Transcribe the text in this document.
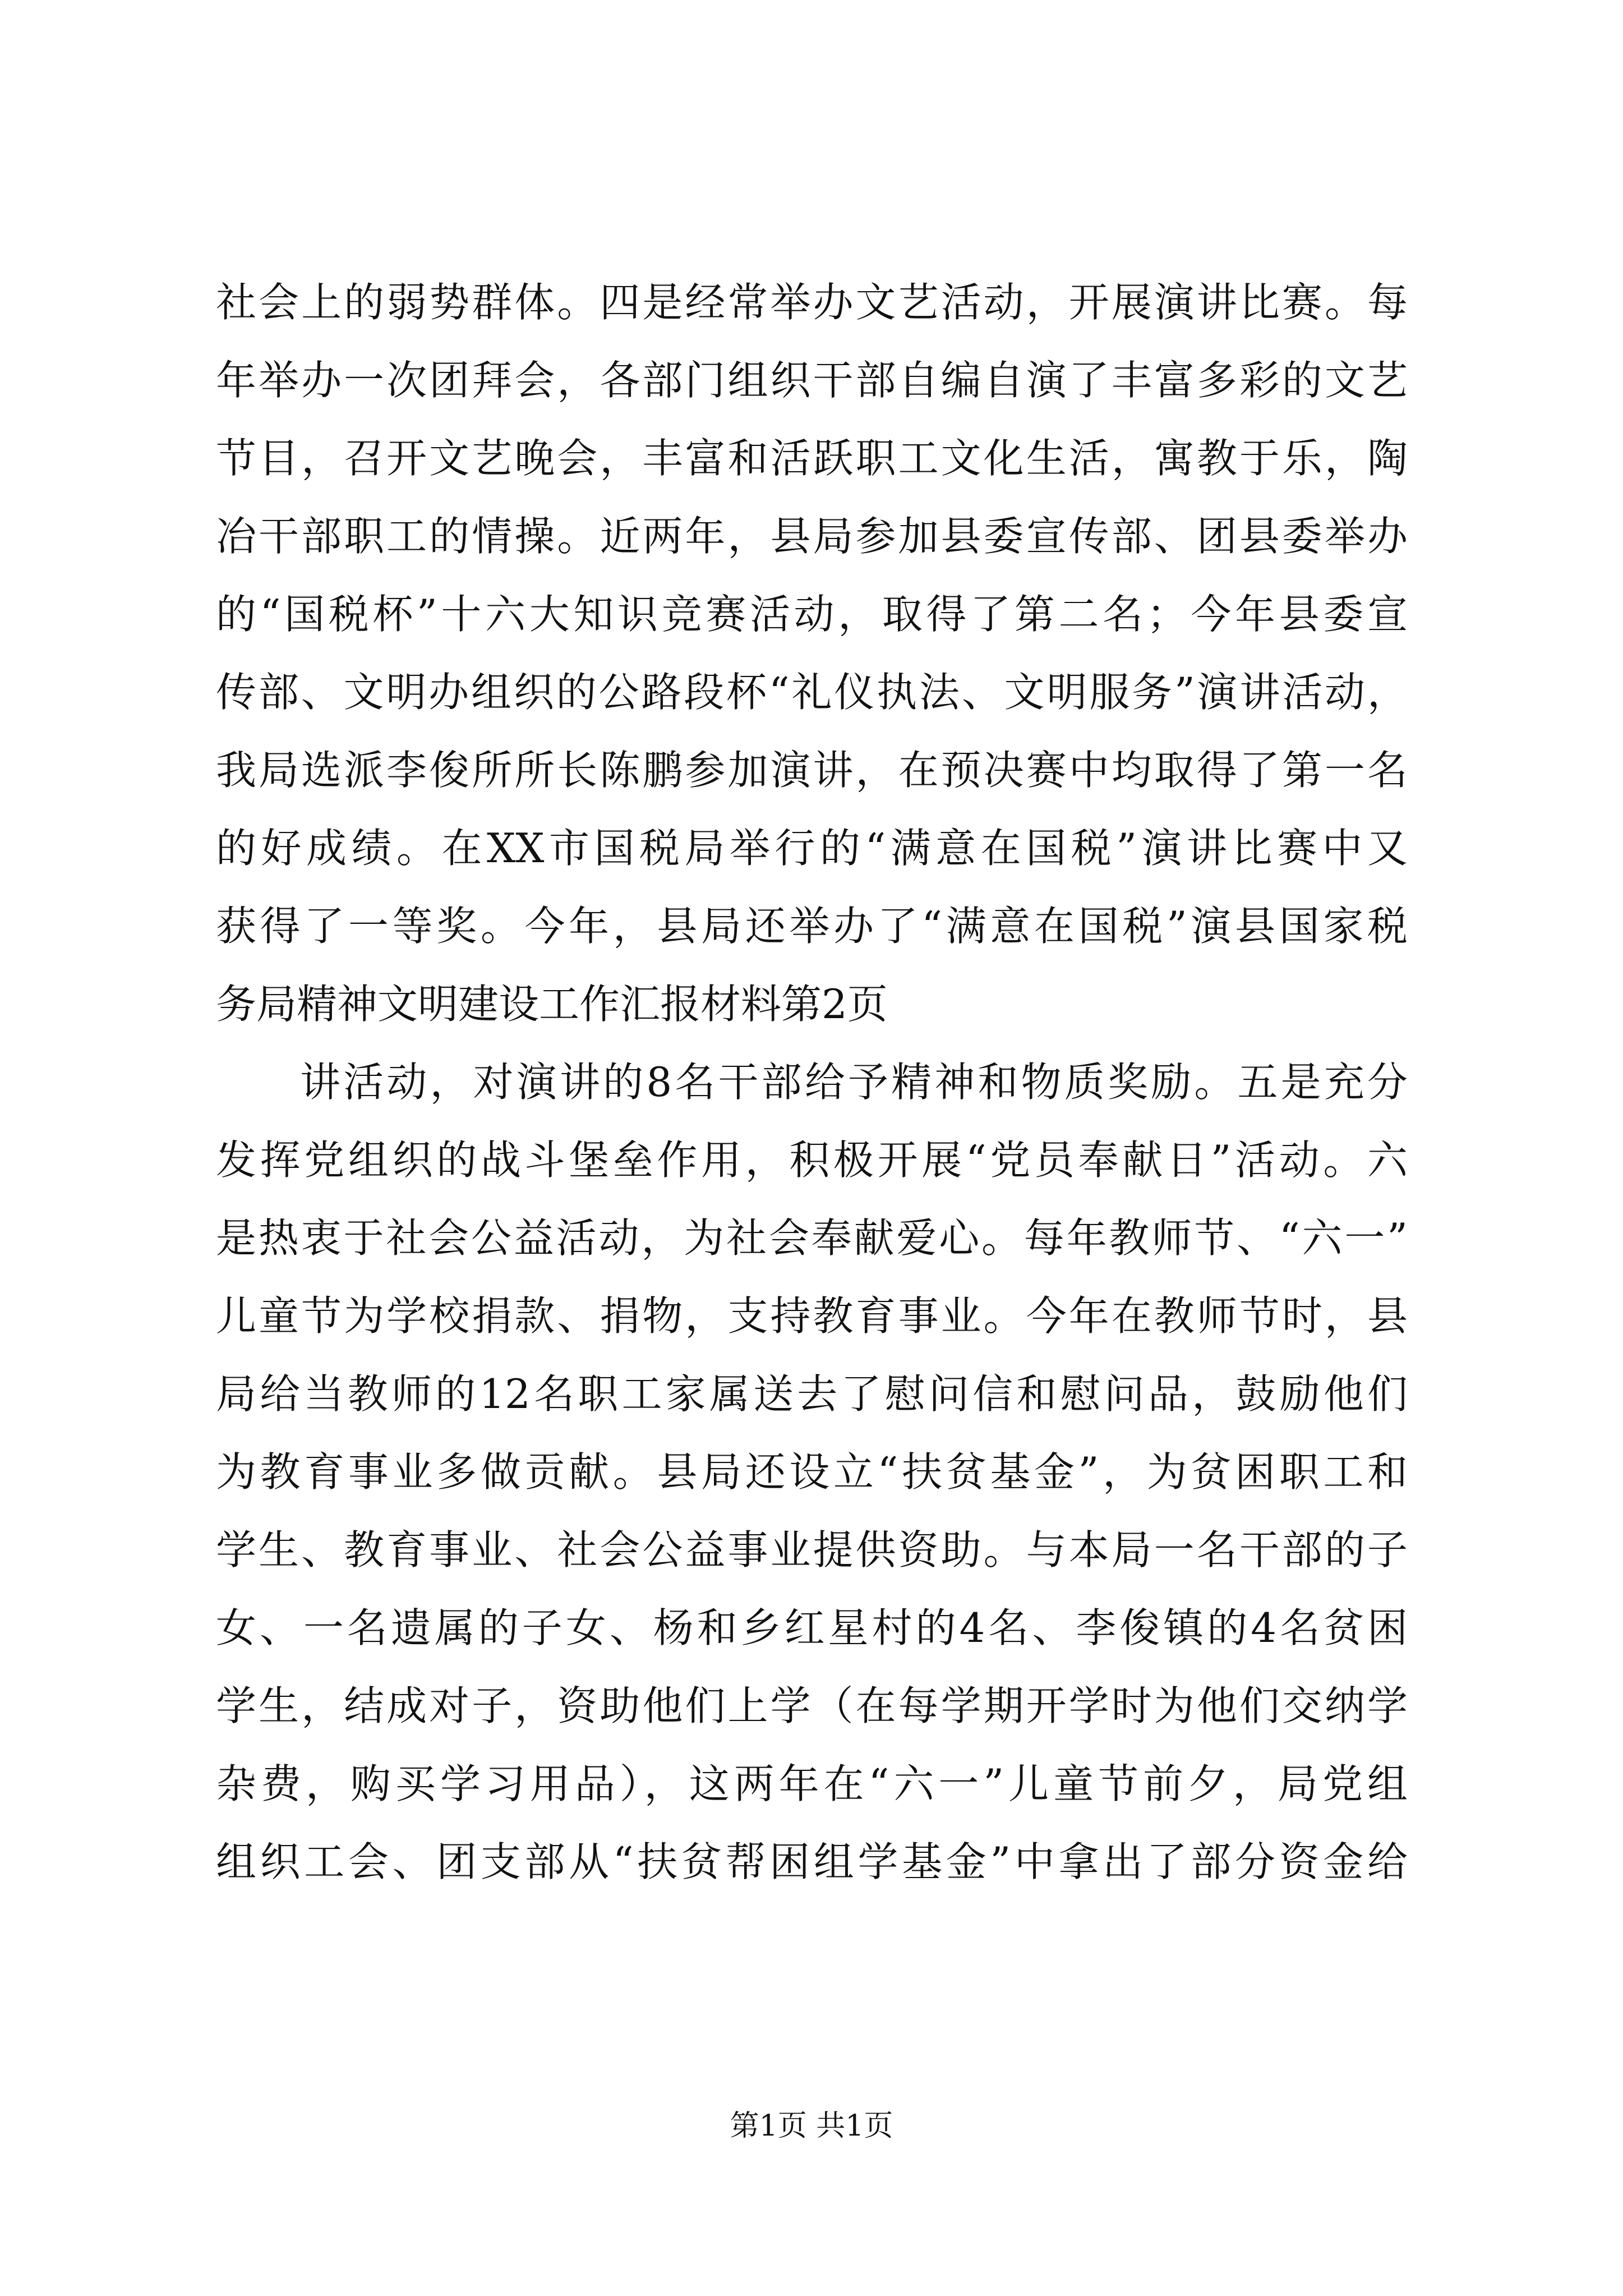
社会上的弱势群体。四是经常举办文艺活动，开展演讲比赛。每
年举办一次团拜会，各部门组织干部自编自演了丰富多彩的文艺
节目，召开文艺晚会，丰富和活跃职工文化生活，寓教于乐，陶
冶干部职工的情操。近两年，县局参加县委宣传部、团县委举办
的“国税杯”十六大知识竞赛活动，取得了第二名；今年县委宣
传部、文明办组织的公路段杯“礼仪执法、文明服务”演讲活动，
我局选派李俊所所长陈鹏参加演讲，在预决赛中均取得了第一名
的好成绩。在XX市国税局举行的“满意在国税”演讲比赛中又
获得了一等奖。今年，县局还举办了“满意在国税”演县国家税
务局精神文明建设工作汇报材料第2页
讲活动，对演讲的8名干部给予精神和物质奖励。五是充分
发挥党组织的战斗堡垒作用，积极开展“党员奉献日”活动。六
是热衷于社会公益活动，为社会奉献爱心。每年教师节、“六一”
儿童节为学校捐款、捐物，支持教育事业。今年在教师节时，县
局给当教师的12名职工家属送去了慰问信和慰问品，鼓励他们
为教育事业多做贡献。县局还设立“扶贫基金”，为贫困职工和
学生、教育事业、社会公益事业提供资助。与本局一名干部的子
女、一名遗属的子女、杨和乡红星村的4名、李俊镇的4名贫困
学生，结成对子，资助他们上学（在每学期开学时为他们交纳学
杂费，购买学习用品），这两年在“六一”儿童节前夕，局党组
组织工会、团支部从“扶贫帮困组学基金”中拿出了部分资金给
第1页 共1页
